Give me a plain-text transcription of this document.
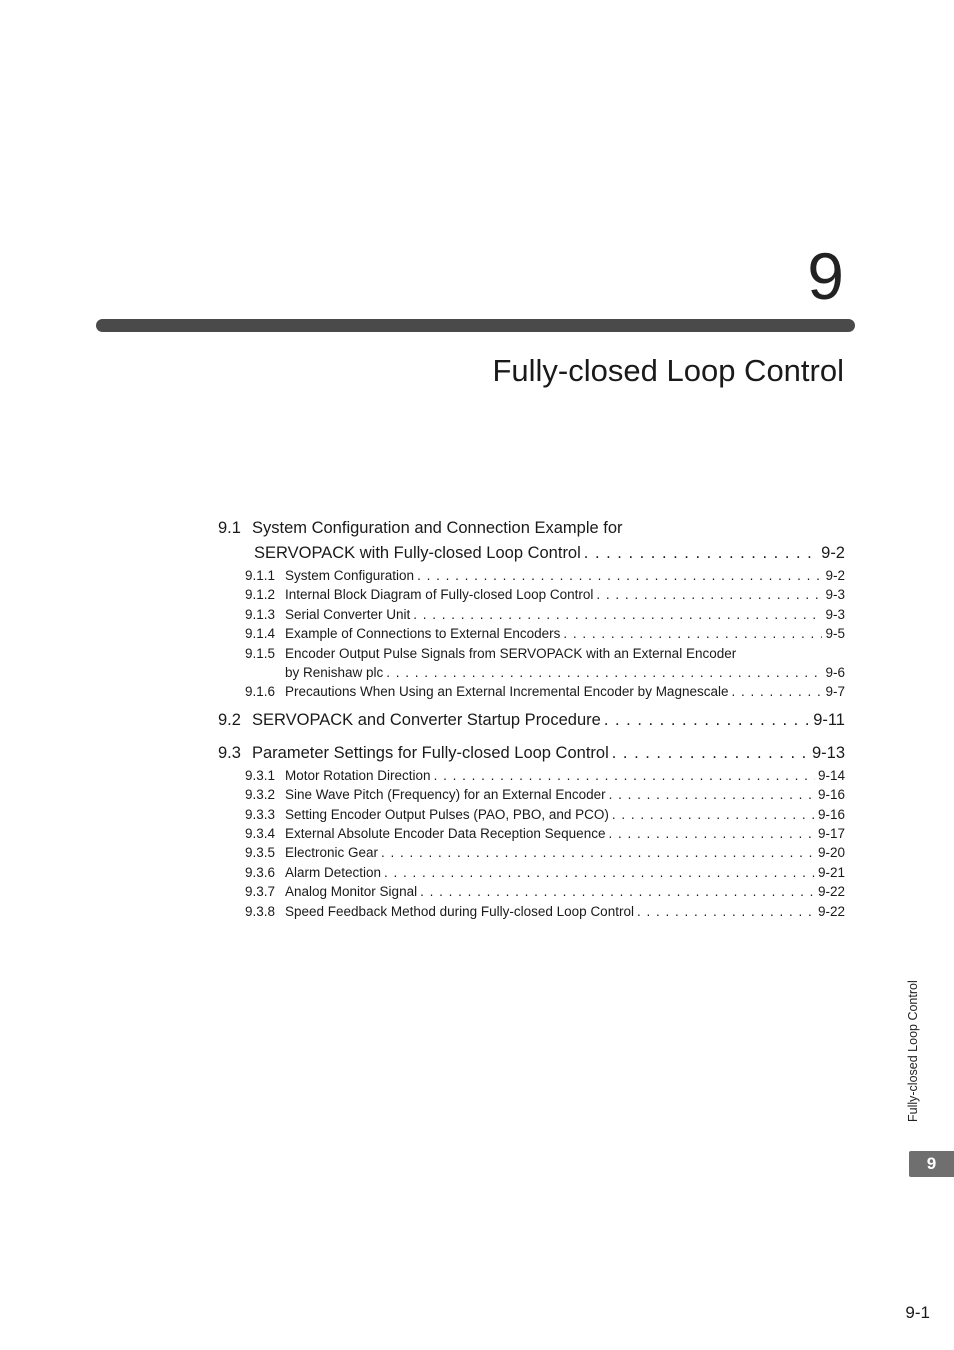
9
Fully-closed Loop Control
9.1 System Configuration and Connection Example for
SERVOPACK with Fully-closed Loop Control . . .	9-2
9.1.1 System Configuration . . .	9-2
9.1.2 Internal Block Diagram of Fully-closed Loop Control . . .	9-3
9.1.3 Serial Converter Unit . . .	9-3
9.1.4 Example of Connections to External Encoders . . .	9-5
9.1.5 Encoder Output Pulse Signals from SERVOPACK with an External Encoder
by Renishaw plc . . .	9-6
9.1.6 Precautions When Using an External Incremental Encoder by Magnescale . . .	9-7
9.2 SERVOPACK and Converter Startup Procedure . . .	9-11
9.3 Parameter Settings for Fully-closed Loop Control . . .	9-13
9.3.1 Motor Rotation Direction . . .	9-14
9.3.2 Sine Wave Pitch (Frequency) for an External Encoder . . .	9-16
9.3.3 Setting Encoder Output Pulses (PAO, PBO, and PCO) . . .	9-16
9.3.4 External Absolute Encoder Data Reception Sequence . . .	9-17
9.3.5 Electronic Gear . . .	9-20
9.3.6 Alarm Detection . . .	9-21
9.3.7 Analog Monitor Signal . . .	9-22
9.3.8 Speed Feedback Method during Fully-closed Loop Control . . .	9-22
Fully-closed Loop Control
9
9-1
